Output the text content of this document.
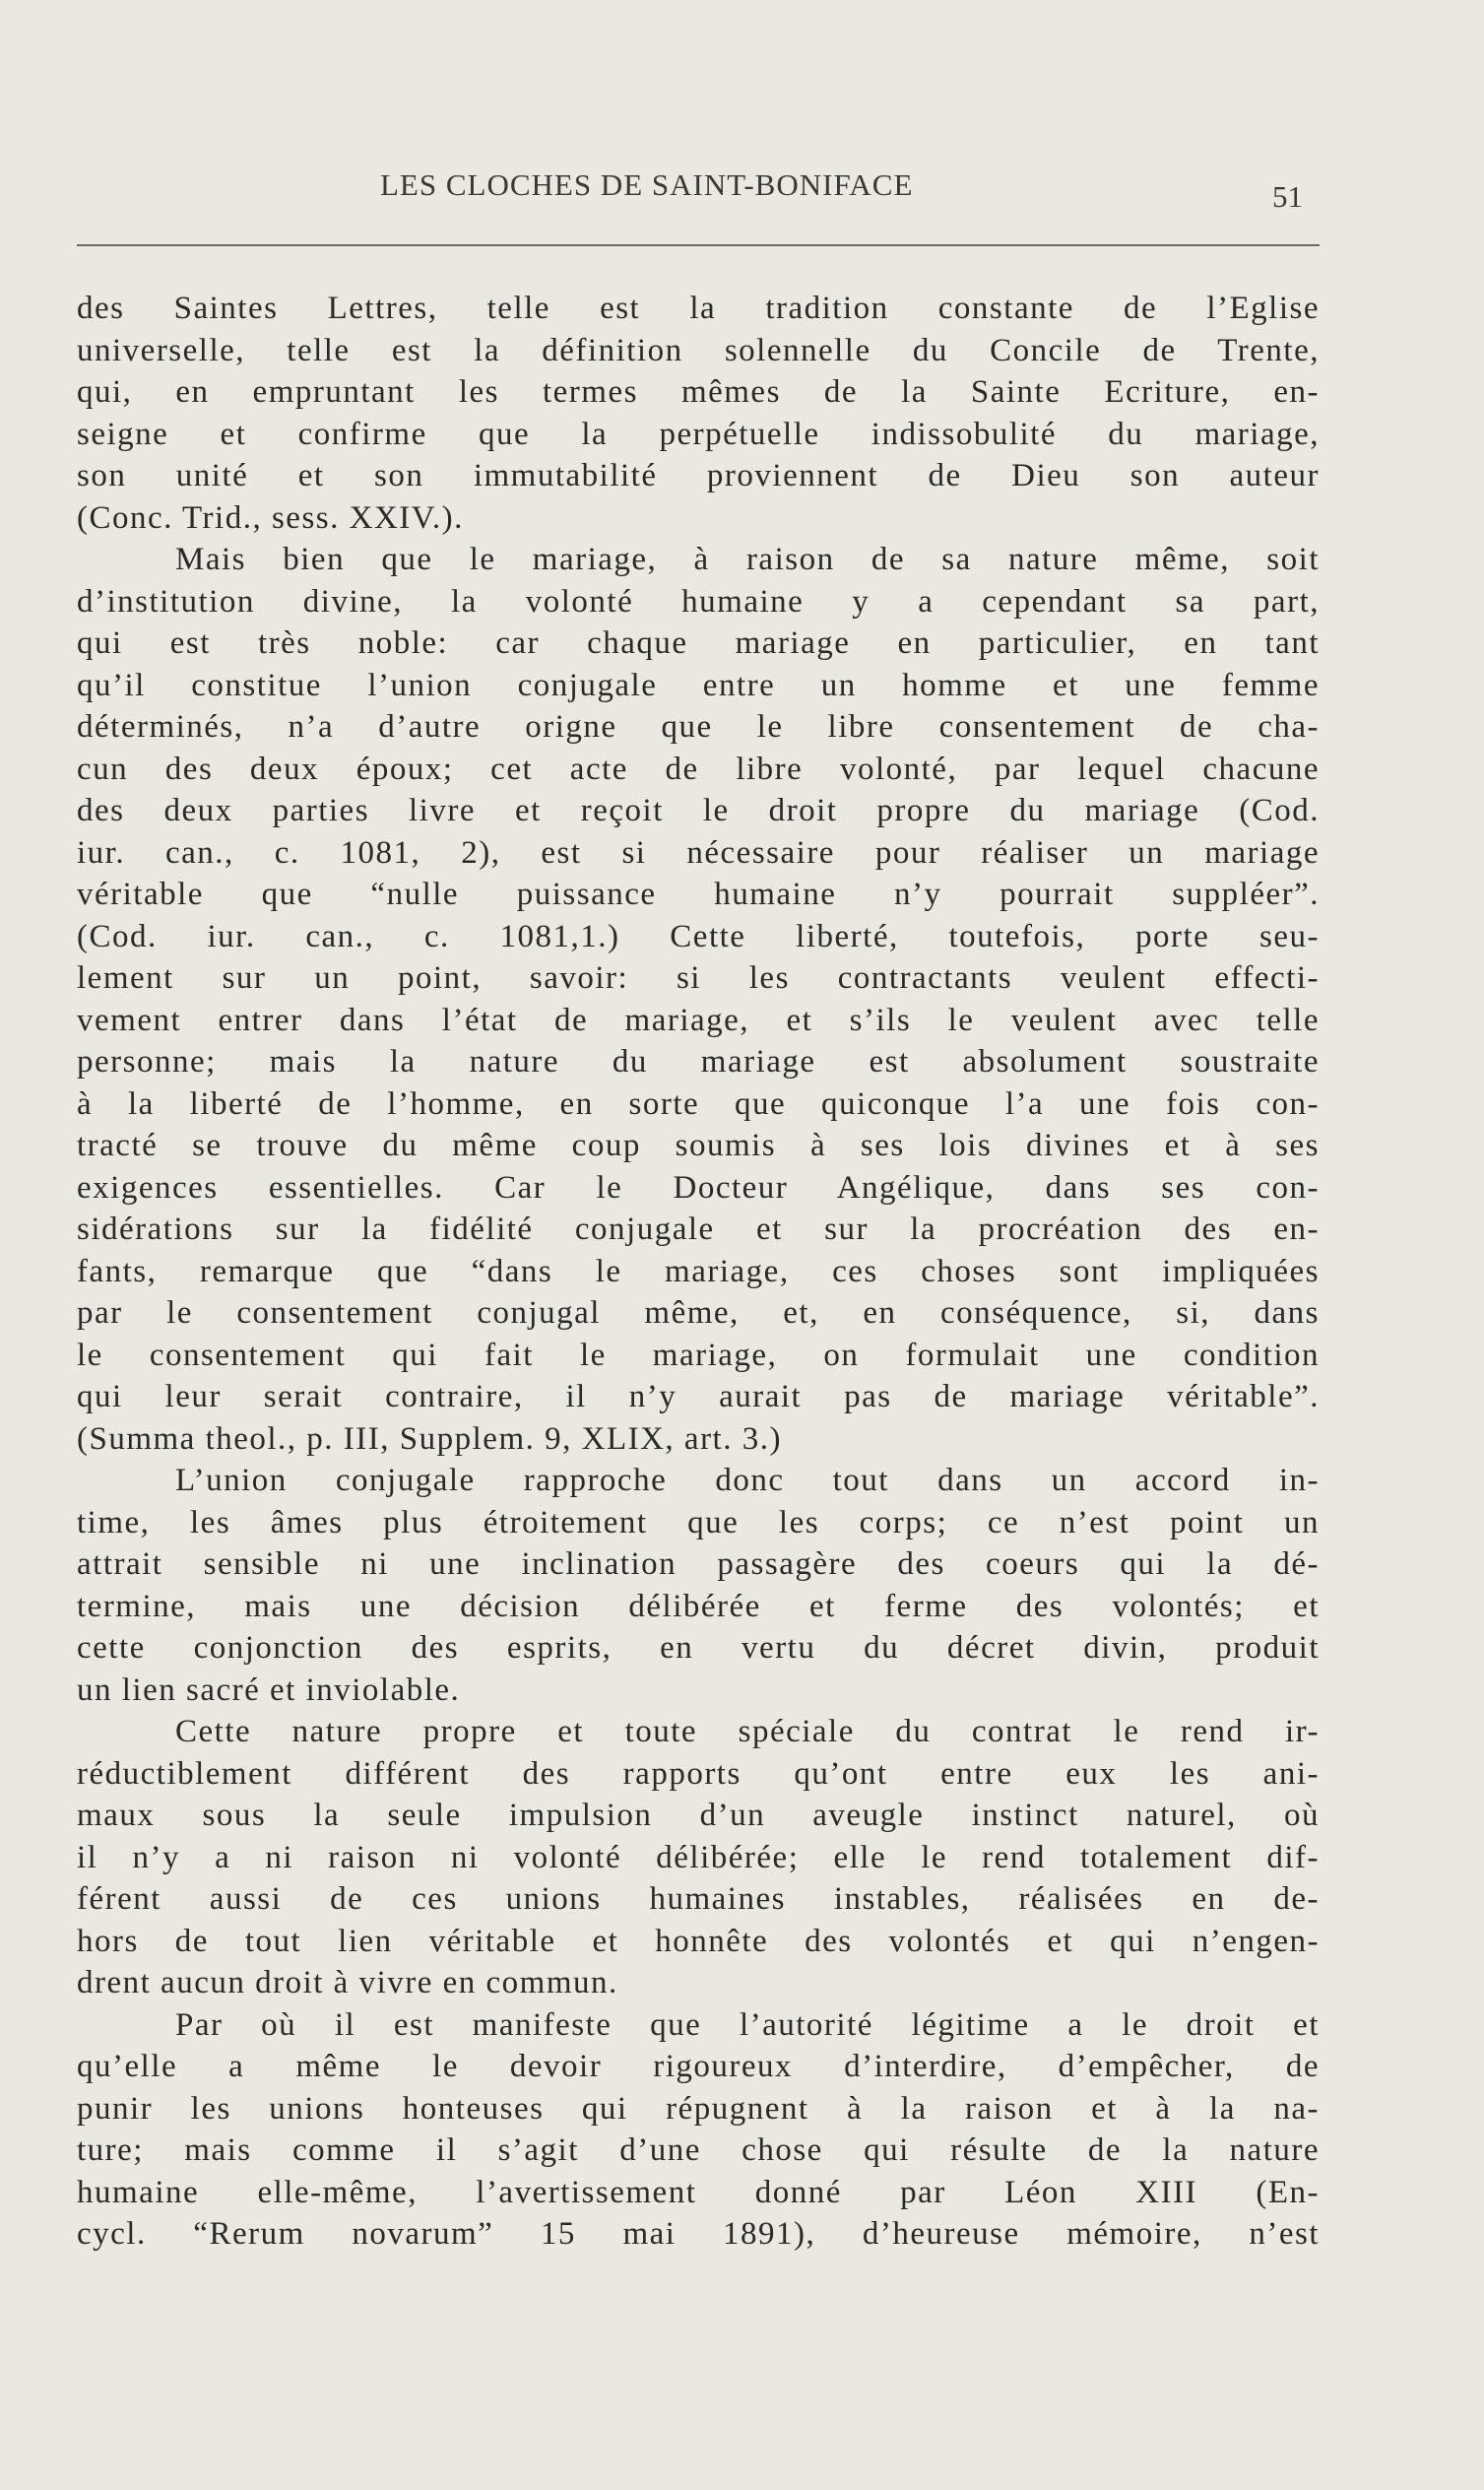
LES CLOCHES DE SAINT-BONIFACE	51
des Saintes Lettres, telle est la tradition constante de l’Eglise
universelle, telle est la définition solennelle du Concile de Trente,
qui, en empruntant les termes mêmes de la Sainte Ecriture, en-
seigne et confirme que la perpétuelle indissobulité du mariage,
son unité et son immutabilité proviennent de Dieu son auteur
(Conc. Trid., sess. XXIV.).
Mais bien que le mariage, à raison de sa nature même, soit
d’institution divine, la volonté humaine y a cependant sa part,
qui est très noble: car chaque mariage en particulier, en tant
qu’il constitue l’union conjugale entre un homme et une femme
déterminés, n’a d’autre origne que le libre consentement de cha-
cun des deux époux; cet acte de libre volonté, par lequel chacune
des deux parties livre et reçoit le droit propre du mariage (Cod.
iur. can., c. 1081, 2), est si nécessaire pour réaliser un mariage
véritable que “nulle puissance humaine n’y pourrait suppléer”.
(Cod. iur. can., c. 1081,1.) Cette liberté, toutefois, porte seu-
lement sur un point, savoir: si les contractants veulent effecti-
vement entrer dans l’état de mariage, et s’ils le veulent avec telle
personne; mais la nature du mariage est absolument soustraite
à la liberté de l’homme, en sorte que quiconque l’a une fois con-
tracté se trouve du même coup soumis à ses lois divines et à ses
exigences essentielles. Car le Docteur Angélique, dans ses con-
sidérations sur la fidélité conjugale et sur la procréation des en-
fants, remarque que “dans le mariage, ces choses sont impliquées
par le consentement conjugal même, et, en conséquence, si, dans
le consentement qui fait le mariage, on formulait une condition
qui leur serait contraire, il n’y aurait pas de mariage véritable”.
(Summa theol., p. III, Supplem. 9, XLIX, art. 3.)
L’union conjugale rapproche donc tout dans un accord in-
time, les âmes plus étroitement que les corps; ce n’est point un
attrait sensible ni une inclination passagère des coeurs qui la dé-
termine, mais une décision délibérée et ferme des volontés; et
cette conjonction des esprits, en vertu du décret divin, produit
un lien sacré et inviolable.
Cette nature propre et toute spéciale du contrat le rend ir-
réductiblement différent des rapports qu’ont entre eux les ani-
maux sous la seule impulsion d’un aveugle instinct naturel, où
il n’y a ni raison ni volonté délibérée; elle le rend totalement dif-
férent aussi de ces unions humaines instables, réalisées en de-
hors de tout lien véritable et honnête des volontés et qui n’engen-
drent aucun droit à vivre en commun.
Par où il est manifeste que l’autorité légitime a le droit et
qu’elle a même le devoir rigoureux d’interdire, d’empêcher, de
punir les unions honteuses qui répugnent à la raison et à la na-
ture; mais comme il s’agit d’une chose qui résulte de la nature
humaine elle-même, l’avertissement donné par Léon XIII (En-
cycl. “Rerum novarum” 15 mai 1891), d’heureuse mémoire, n’est
